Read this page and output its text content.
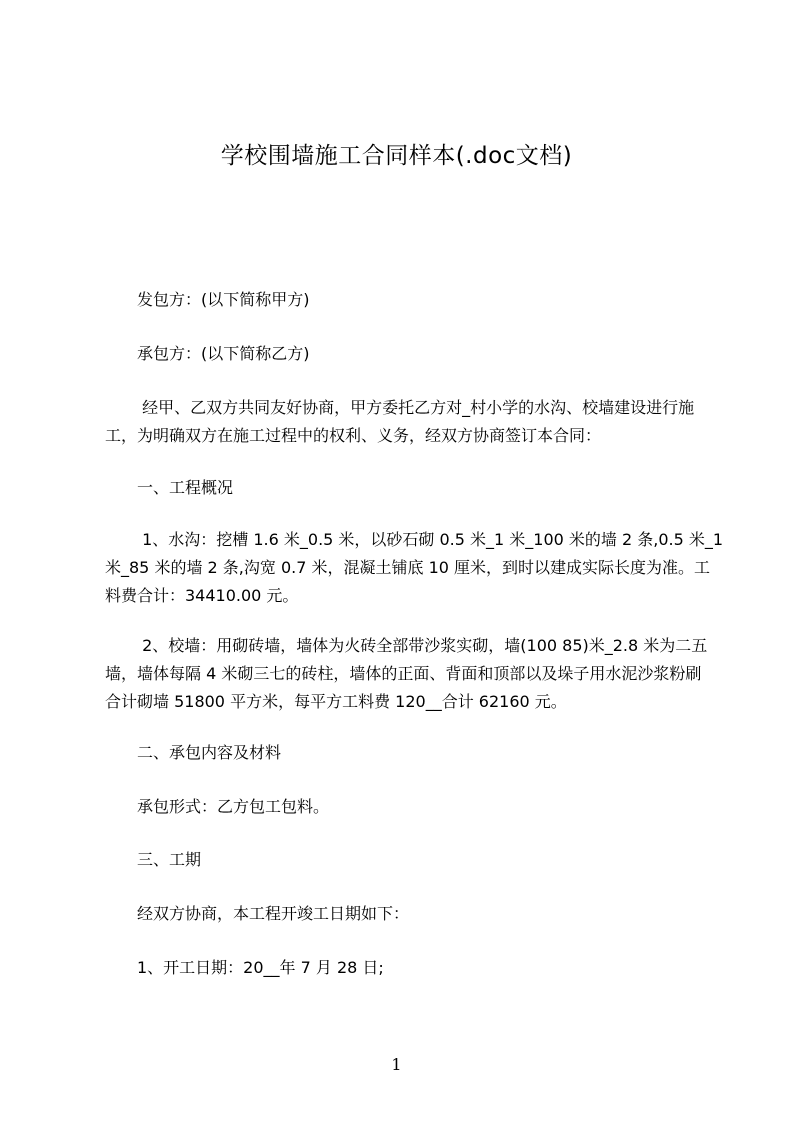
学校围墙施工合同样本(.doc文档)

　　发包方：(以下简称甲方)

　　承包方：(以下简称乙方)

　　 经甲、乙双方共同友好协商，甲方委托乙方对_村小学的水沟、校墙建设进行施
工，为明确双方在施工过程中的权利、义务，经双方协商签订本合同：

　　一、工程概况

　　 1、水沟：挖槽 1.6 米_0.5 米，以砂石砌 0.5 米_1 米_100 米的墙 2 条,0.5 米_1
米_85 米的墙 2 条,沟宽 0.7 米，混凝土铺底 10 厘米，到时以建成实际长度为准。工
料费合计：34410.00 元。

　　 2、校墙：用砌砖墙，墙体为火砖全部带沙浆实砌，墙(100 85)米_2.8 米为二五
墙，墙体每隔 4 米砌三七的砖柱，墙体的正面、背面和顶部以及垛子用水泥沙浆粉刷
合计砌墙 51800 平方米，每平方工料费 120__合计 62160 元。

　　二、承包内容及材料

　　承包形式：乙方包工包料。

　　三、工期

　　经双方协商，本工程开竣工日期如下：

　　1、开工日期：20__年 7 月 28 日;

1
